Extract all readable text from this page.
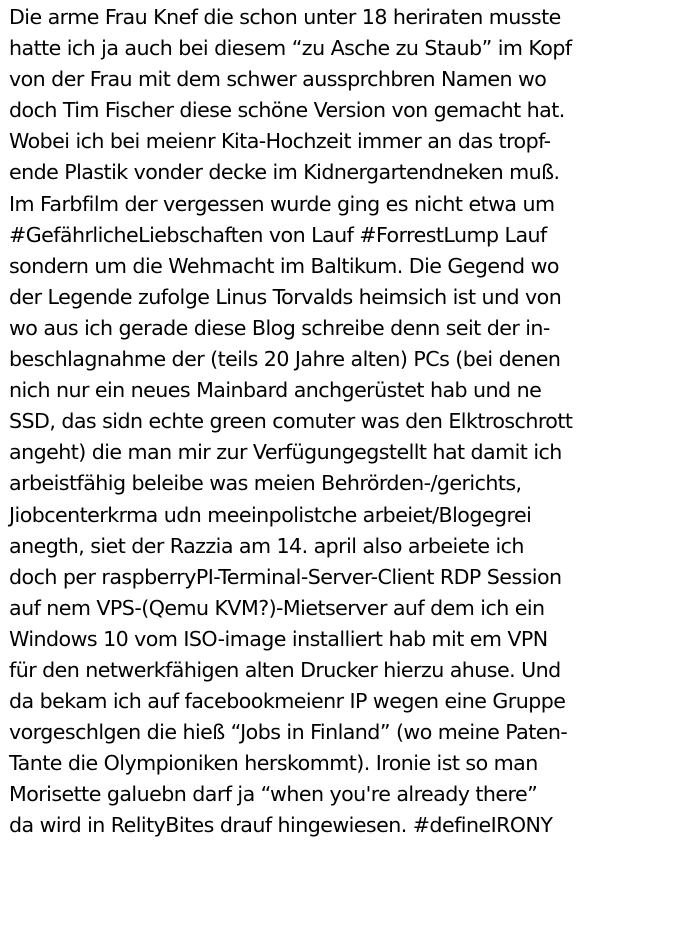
Die arme Frau Knef die schon unter 18 heriraten musste
hatte ich ja auch bei diesem “zu Asche zu Staub” im Kopf
von der Frau mit dem schwer aussprchbren Namen wo
doch Tim Fischer diese schöne Version von gemacht hat.
Wobei ich bei meienr Kita-Hochzeit immer an das tropf-
ende Plastik vonder decke im Kidnergartendneken muß.
Im Farbfilm der vergessen wurde ging es nicht etwa um
#GefährlicheLiebschaften von Lauf #ForrestLump Lauf
sondern um die Wehmacht im Baltikum. Die Gegend wo
der Legende zufolge Linus Torvalds heimsich ist und von
wo aus ich gerade diese Blog schreibe denn seit der in-
beschlagnahme der (teils 20 Jahre alten) PCs (bei denen
nich nur ein neues Mainbard anchgerüstet hab und ne
SSD, das sidn echte green comuter was den Elktroschrott
angeht) die man mir zur Verfügungegstellt hat damit ich
arbeistfähig beleibe was meien Behrörden-/gerichts,
Jiobcenterkrma udn meeinpolistche arbeiet/Blogegrei
anegth, siet der Razzia am 14. april also arbeiete ich
doch per raspberryPI-Terminal-Server-Client RDP Session
auf nem VPS-(Qemu KVM?)-Mietserver auf dem ich ein
Windows 10 vom ISO-image installiert hab mit em VPN
für den netwerkfähigen alten Drucker hierzu ahuse. Und
da bekam ich auf facebookmeienr IP wegen eine Gruppe
vorgeschlgen die hieß “Jobs in Finland” (wo meine Paten-
Tante die Olympioniken herskommt). Ironie ist so man
Morisette galuebn darf ja “when you're already there”
da wird in RelityBites drauf hingewiesen. #defineIRONY
